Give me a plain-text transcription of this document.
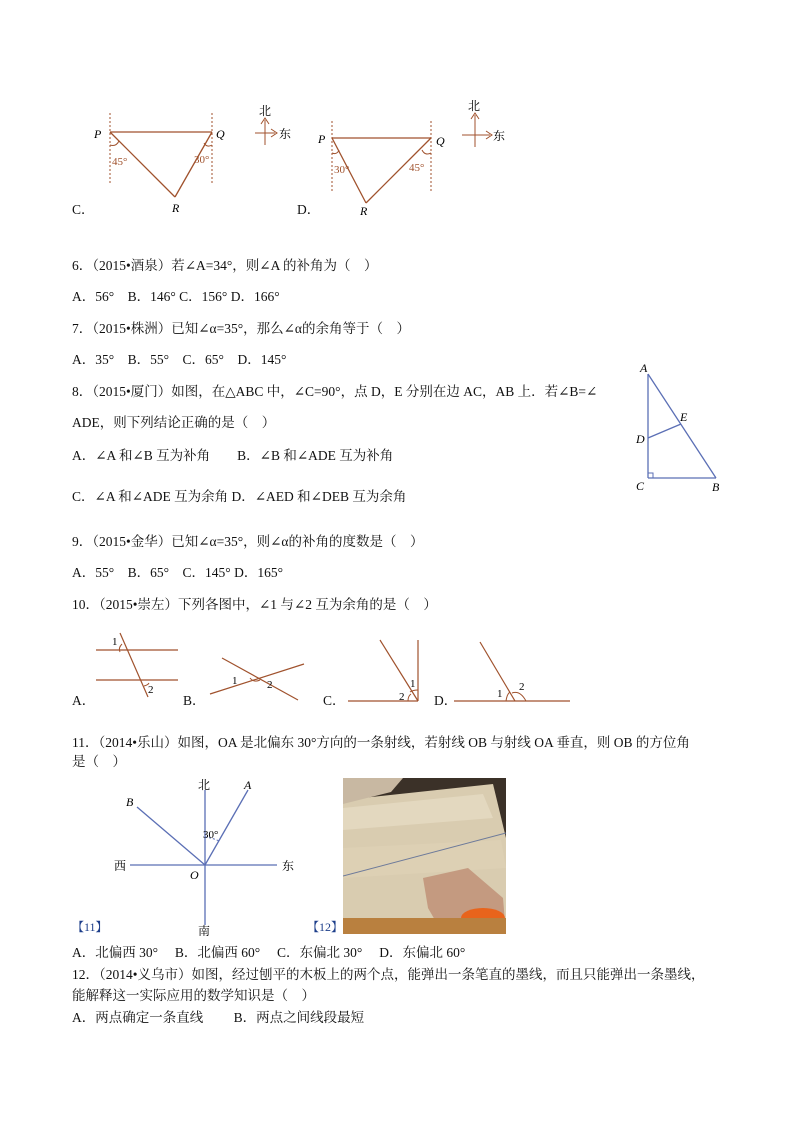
P	Q
R
45°	30°
北
东 P	Q
R
30°	45°
北
东
C．	D．
6．（2015•酒泉）若∠A=34°，则∠A 的补角为（　）
A．56°　B．146° C．156° D．166°
7．（2015•株洲）已知∠α=35°，那么∠α的余角等于（　）
A．35°　B．55°　C．65°　D．145°
8．（2015•厦门）如图，在△ABC 中，∠C=90°，点 D，E 分别在边 AC，AB 上．若∠B=∠
ADE，则下列结论正确的是（　）
A．∠A 和∠B 互为补角　　B．∠B 和∠ADE 互为补角
C．∠A 和∠ADE 互为余角 D．∠AED 和∠DEB 互为余角
A
C	B
D
E
9．（2015•金华）已知∠α=35°，则∠α的补角的度数是（　）
A．55°　B．65°　C．145° D．165°
10．（2015•崇左）下列各图中，∠1 与∠2 互为余角的是（　）
1
2
1	2	1
2	1
2
A．	B．	C．	D．
11．（2014•乐山）如图，OA 是北偏东 30°方向的一条射线，若射线 OB 与射线 OA 垂直，则 OB 的方位角
是（　）
北
南
西	东
A
B
O
30°
【11】	【12】
A．北偏西 30°　 B．北偏西 60°　 C．东偏北 30°　 D．东偏北 60°
12．（2014•义乌市）如图，经过刨平的木板上的两个点，能弹出一条笔直的墨线，而且只能弹出一条墨线，
能解释这一实际应用的数学知识是（　）
A．两点确定一条直线　　 B．两点之间线段最短
